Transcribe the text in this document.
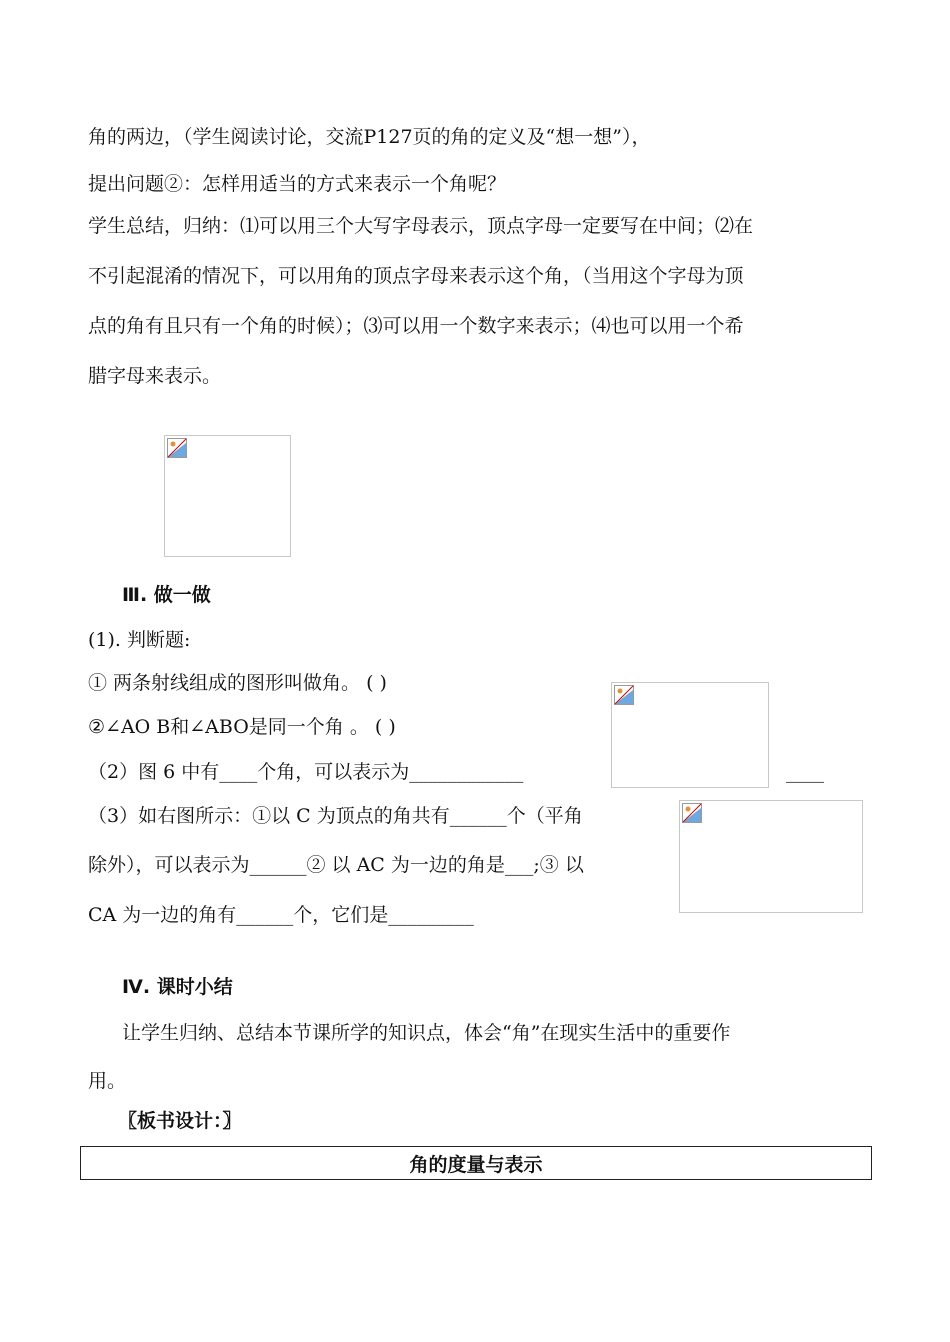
角的两边，（学生阅读讨论，交流P127页的角的定义及“想一想”），
提出问题②：怎样用适当的方式来表示一个角呢？
学生总结，归纳：⑴可以用三个大写字母表示，顶点字母一定要写在中间；⑵在
不引起混淆的情况下，可以用角的顶点字母来表示这个角，（当用这个字母为顶
点的角有且只有一个角的时候）；⑶可以用一个数字来表示；⑷也可以用一个希
腊字母来表示。
Ⅲ. 做一做
(1). 判断题:
① 两条射线组成的图形叫做角。 ( )
②∠AO B和∠ABO是同一个角 。 ( )
（2）图 6 中有____个角，可以表示为____________	____
（3）如右图所示：①以 C 为顶点的角共有______个（平角
除外），可以表示为______② 以 AC 为一边的角是___;③ 以
CA 为一边的角有______个，它们是_________
Ⅳ. 课时小结
让学生归纳、总结本节课所学的知识点，体会“角”在现实生活中的重要作
用。
〖板书设计：〗
角的度量与表示
